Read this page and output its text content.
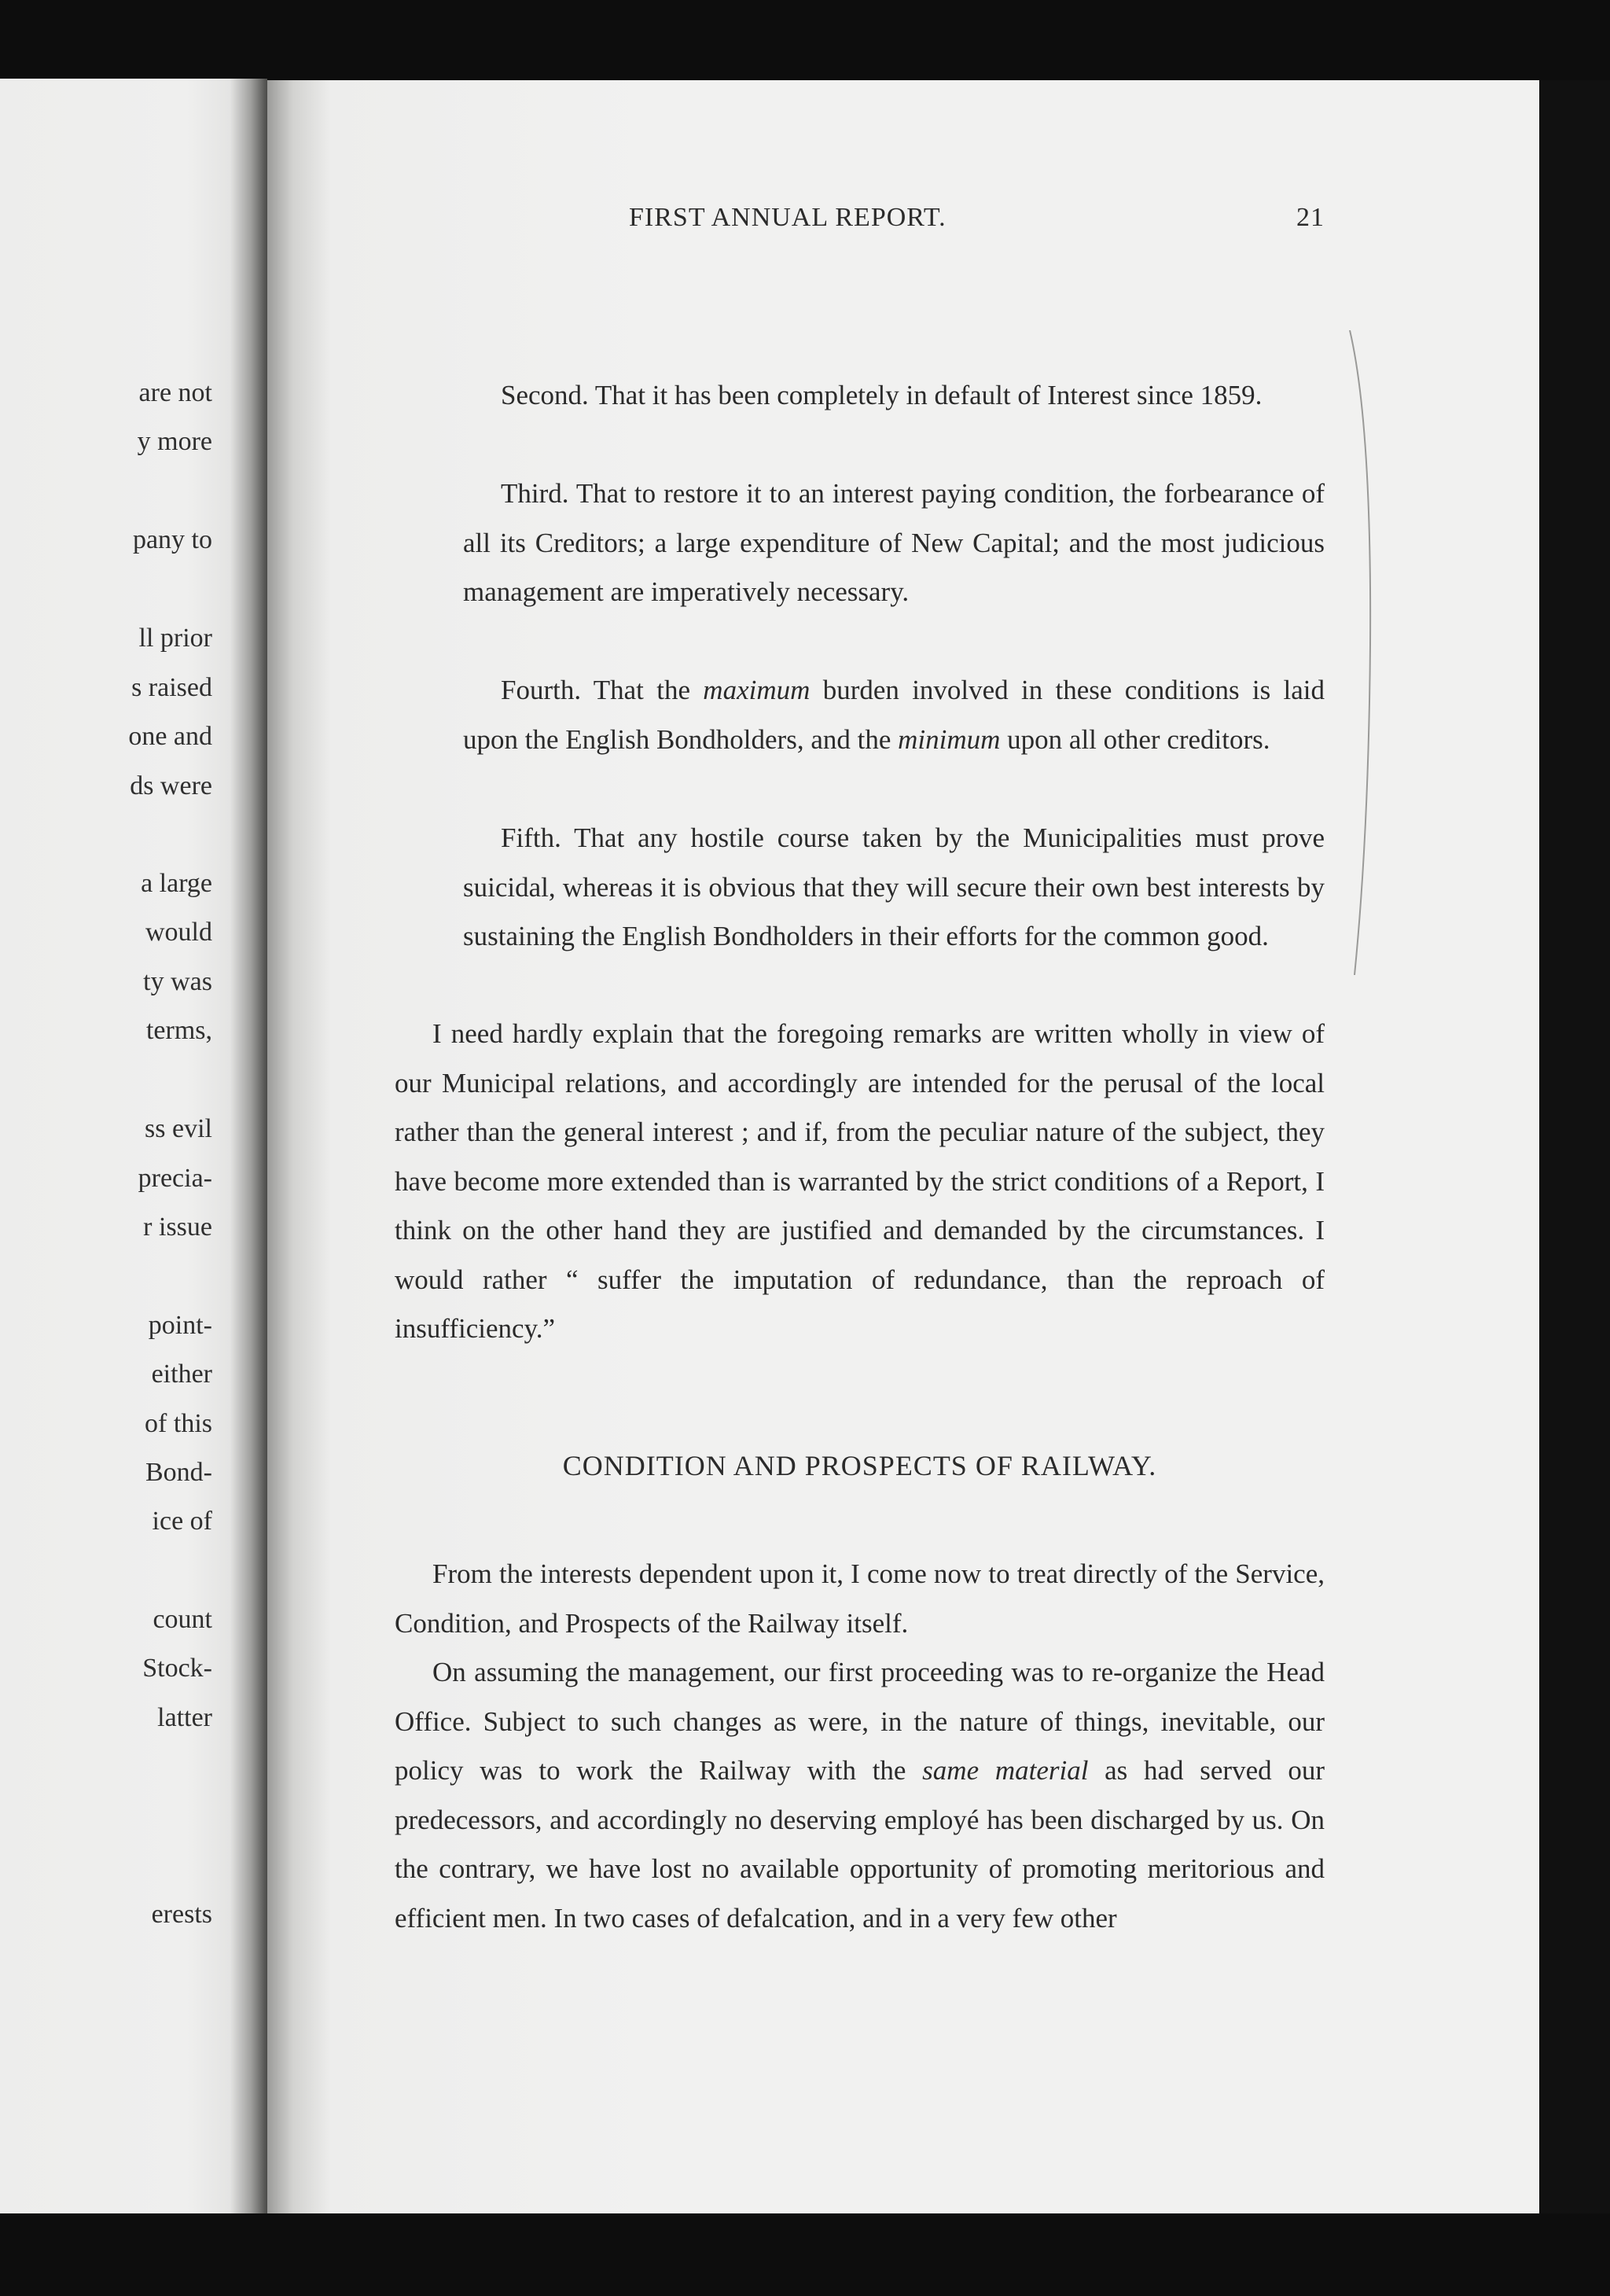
are not
y more
pany to
ll prior
s raised
one and
ds were
a large
would
ty was
terms,
ss evil
precia-
r issue
point-
either
of this
Bond-
ice of
count
Stock-
latter
erests
FIRST ANNUAL REPORT.	21

Second. That it has been completely in default of Interest since 1859.

Third. That to restore it to an interest paying condition, the forbearance of all its Creditors; a large expenditure of New Capital; and the most judicious management are imperatively necessary.

Fourth. That the maximum burden involved in these conditions is laid upon the English Bondholders, and the minimum upon all other creditors.

Fifth. That any hostile course taken by the Municipalities must prove suicidal, whereas it is obvious that they will secure their own best interests by sustaining the English Bondholders in their efforts for the common good.

I need hardly explain that the foregoing remarks are written wholly in view of our Municipal relations, and accordingly are intended for the perusal of the local rather than the general interest ; and if, from the peculiar nature of the subject, they have become more extended than is warranted by the strict conditions of a Report, I think on the other hand they are justified and demanded by the circumstances. I would rather “ suffer the imputation of redundance, than the reproach of insufficiency.”

CONDITION AND PROSPECTS OF RAILWAY.

From the interests dependent upon it, I come now to treat directly of the Service, Condition, and Prospects of the Railway itself.

On assuming the management, our first proceeding was to re-organize the Head Office. Subject to such changes as were, in the nature of things, inevitable, our policy was to work the Railway with the same material as had served our predecessors, and accordingly no deserving employé has been discharged by us. On the contrary, we have lost no available opportunity of promoting meritorious and efficient men. In two cases of defalcation, and in a very few other
